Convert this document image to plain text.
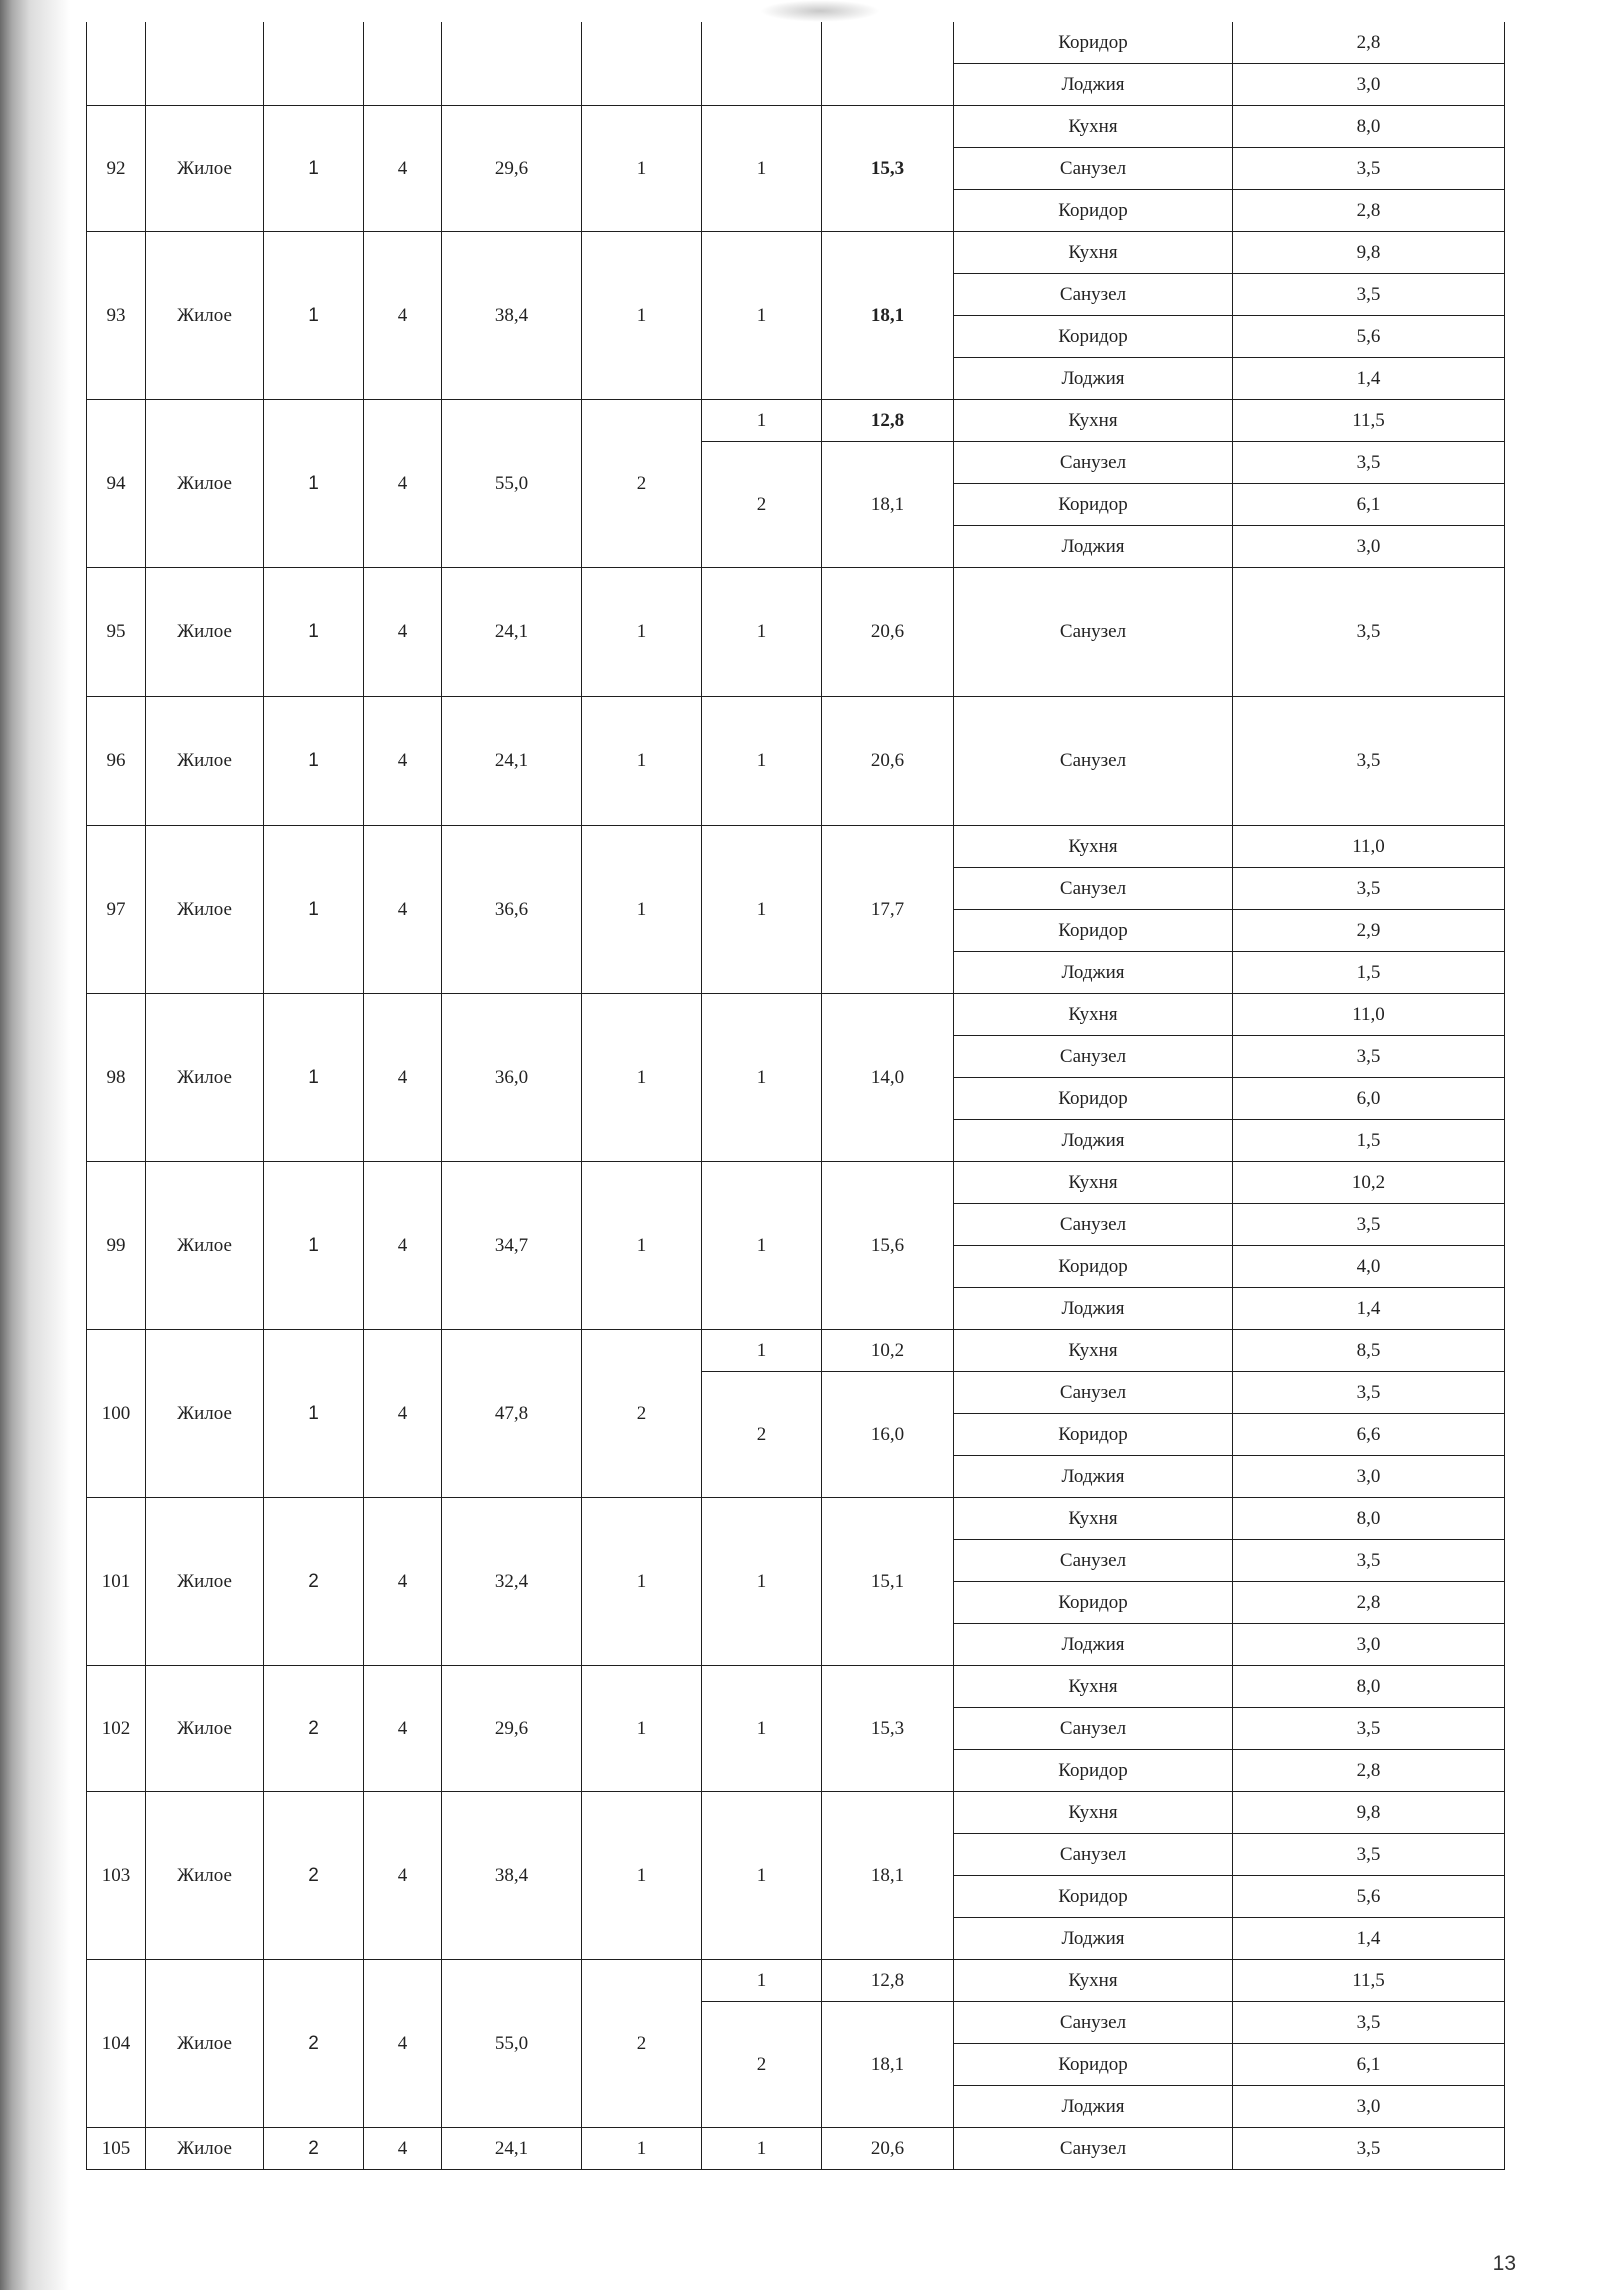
								Коридор	2,8
								Лоджия	3,0
92	Жилое	1	4	29,6	1	1	15,3	Кухня	8,0
								Санузел	3,5
								Коридор	2,8
93	Жилое	1	4	38,4	1	1	18,1	Кухня	9,8
								Санузел	3,5
								Коридор	5,6
								Лоджия	1,4
94	Жилое	1	4	55,0	2	1	12,8	Кухня	11,5
						2	18,1	Санузел	3,5
								Коридор	6,1
								Лоджия	3,0
95	Жилое	1	4	24,1	1	1	20,6	Санузел	3,5
96	Жилое	1	4	24,1	1	1	20,6	Санузел	3,5
97	Жилое	1	4	36,6	1	1	17,7	Кухня	11,0
								Санузел	3,5
								Коридор	2,9
								Лоджия	1,5
98	Жилое	1	4	36,0	1	1	14,0	Кухня	11,0
								Санузел	3,5
								Коридор	6,0
								Лоджия	1,5
99	Жилое	1	4	34,7	1	1	15,6	Кухня	10,2
								Санузел	3,5
								Коридор	4,0
								Лоджия	1,4
100	Жилое	1	4	47,8	2	1	10,2	Кухня	8,5
						2	16,0	Санузел	3,5
								Коридор	6,6
								Лоджия	3,0
101	Жилое	2	4	32,4	1	1	15,1	Кухня	8,0
								Санузел	3,5
								Коридор	2,8
								Лоджия	3,0
102	Жилое	2	4	29,6	1	1	15,3	Кухня	8,0
								Санузел	3,5
								Коридор	2,8
103	Жилое	2	4	38,4	1	1	18,1	Кухня	9,8
								Санузел	3,5
								Коридор	5,6
								Лоджия	1,4
104	Жилое	2	4	55,0	2	1	12,8	Кухня	11,5
						2	18,1	Санузел	3,5
								Коридор	6,1
								Лоджия	3,0
105	Жилое	2	4	24,1	1	1	20,6	Санузел	3,5
13
